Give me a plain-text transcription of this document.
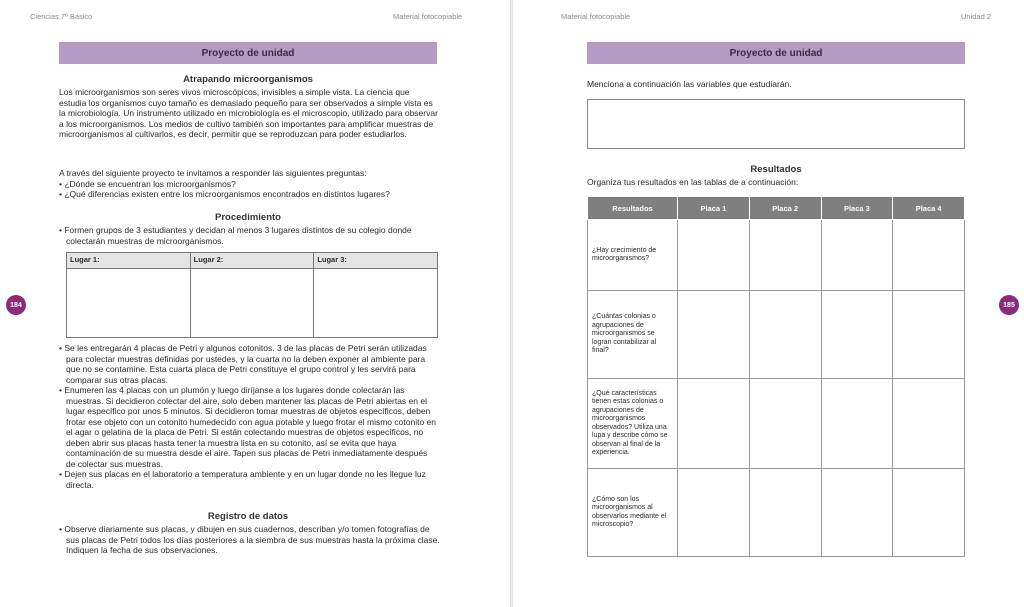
Ciencias 7º Básico	Material fotocopiable
Proyecto de unidad
Atrapando microorganismos
Los microorganismos son seres vivos microscópicos, invisibles a simple vista. La ciencia que estudia los organismos cuyo tamaño es demasiado pequeño para ser observados a simple vista es la microbiología. Un instrumento utilizado en microbiología es el microscopio, utilizado para observar a los microorganismos. Los medios de cultivo también son importantes para amplificar muestras de microorganismos al cultivarlos, es decir, permitir que se reproduzcan para poder estudiarlos.

A través del siguiente proyecto te invitamos a responder las siguientes preguntas:

• ¿Dónde se encuentran los microorganismos?

• ¿Qué diferencias existen entre los microorganismos encontrados en distintos lugares?

Procedimiento
• Formen grupos de 3 estudiantes y decidan al menos 3 lugares distintos de su colegio donde colectarán muestras de microorganismos.
Lugar 1:	Lugar 2:	Lugar 3:

• Se les entregarán 4 placas de Petri y algunos cotonitos. 3 de las placas de Petri serán utilizadas para colectar muestras definidas por ustedes, y la cuarta no la deben exponer al ambiente para que no se contamine. Esta cuarta placa de Petri constituye el grupo control y les servirá para comparar sus otras placas.

• Enumeren las 4 placas con un plumón y luego diríjanse a los lugares donde colectarán las muestras. Si decidieron colectar del aire, solo deben mantener las placas de Petri abiertas en el lugar específico por unos 5 minutos. Si decidieron tomar muestras de objetos específicos, deben frotar ese objeto con un cotonito humedecido con agua potable y luego frotar el mismo cotonito en el agar o gelatina de la placa de Petri. Si están colectando muestras de objetos específicos, no deben abrir sus placas hasta tener la muestra lista en su cotonito, así se evita que haya contaminación de su muestra desde el aire. Tapen sus placas de Petri inmediatamente después de colectar sus muestras.

• Dejen sus placas en el laboratorio a temperatura ambiente y en un lugar donde no les llegue luz directa.

Registro de datos
• Observe diariamente sus placas, y dibujen en sus cuadernos, describan y/o tomen fotografías de sus placas de Petri todos los días posteriores a la siembra de sus muestras hasta la próxima clase. Indiquen la fecha de sus observaciones.
184
Material fotocopiable	Unidad 2
Proyecto de unidad
Menciona a continuación las variables que estudiarán.
Resultados
Organiza tus resultados en las tablas de a continuación:
185
Resultados	Placa 1	Placa 2	Placa 3	Placa 4
¿Hay crecimiento de microorganismos?				
¿Cuántas colonias o agrupaciones de microorganismos se logran contabilizar al final?				
¿Qué características tienen estas colonias o agrupaciones de microorganismos observados? Utiliza una lupa y describe cómo se observan al final de la experiencia.				
¿Cómo son los microorganismos al observarlos mediante el microscopio?				
